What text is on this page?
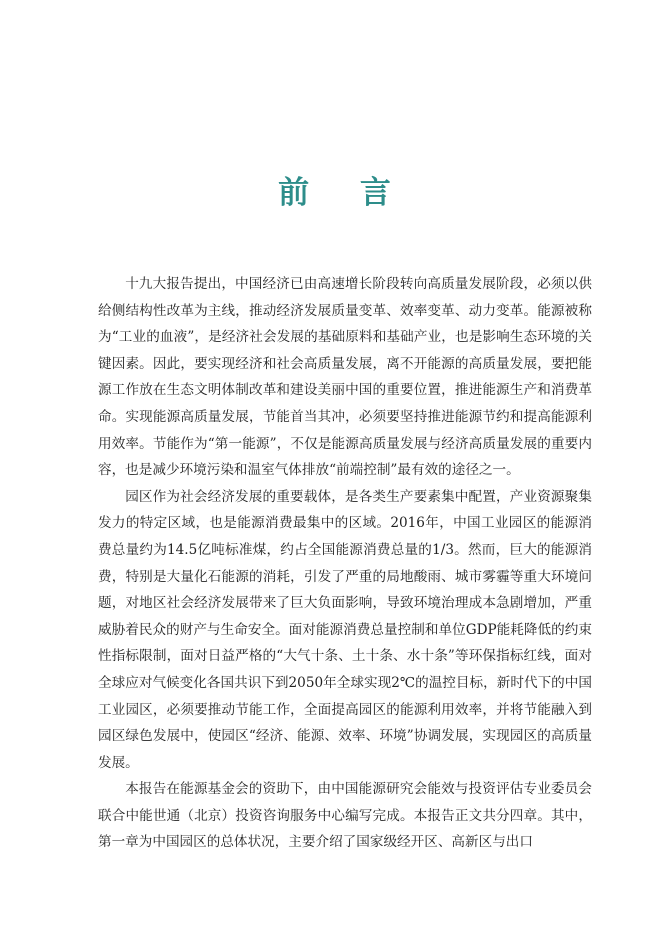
前 言

十九大报告提出，中国经济已由高速增长阶段转向高质量发展阶段，必须以供给侧结构性改革为主线，推动经济发展质量变革、效率变革、动力变革。能源被称为“工业的血液”，是经济社会发展的基础原料和基础产业，也是影响生态环境的关键因素。因此，要实现经济和社会高质量发展，离不开能源的高质量发展，要把能源工作放在生态文明体制改革和建设美丽中国的重要位置，推进能源生产和消费革命。实现能源高质量发展，节能首当其冲，必须要坚持推进能源节约和提高能源利用效率。节能作为“第一能源”，不仅是能源高质量发展与经济高质量发展的重要内容，也是减少环境污染和温室气体排放“前端控制”最有效的途径之一。

园区作为社会经济发展的重要载体，是各类生产要素集中配置，产业资源聚集发力的特定区域，也是能源消费最集中的区域。2016年，中国工业园区的能源消费总量约为14.5亿吨标准煤，约占全国能源消费总量的1/3。然而，巨大的能源消费，特别是大量化石能源的消耗，引发了严重的局地酸雨、城市雾霾等重大环境问题，对地区社会经济发展带来了巨大负面影响，导致环境治理成本急剧增加，严重威胁着民众的财产与生命安全。面对能源消费总量控制和单位GDP能耗降低的约束性指标限制，面对日益严格的“大气十条、土十条、水十条”等环保指标红线，面对全球应对气候变化各国共识下到2050年全球实现2℃的温控目标，新时代下的中国工业园区，必须要推动节能工作，全面提高园区的能源利用效率，并将节能融入到园区绿色发展中，使园区“经济、能源、效率、环境”协调发展，实现园区的高质量发展。

本报告在能源基金会的资助下，由中国能源研究会能效与投资评估专业委员会联合中能世通（北京）投资咨询服务中心编写完成。本报告正文共分四章。其中，第一章为中国园区的总体状况，主要介绍了国家级经开区、高新区与出口
